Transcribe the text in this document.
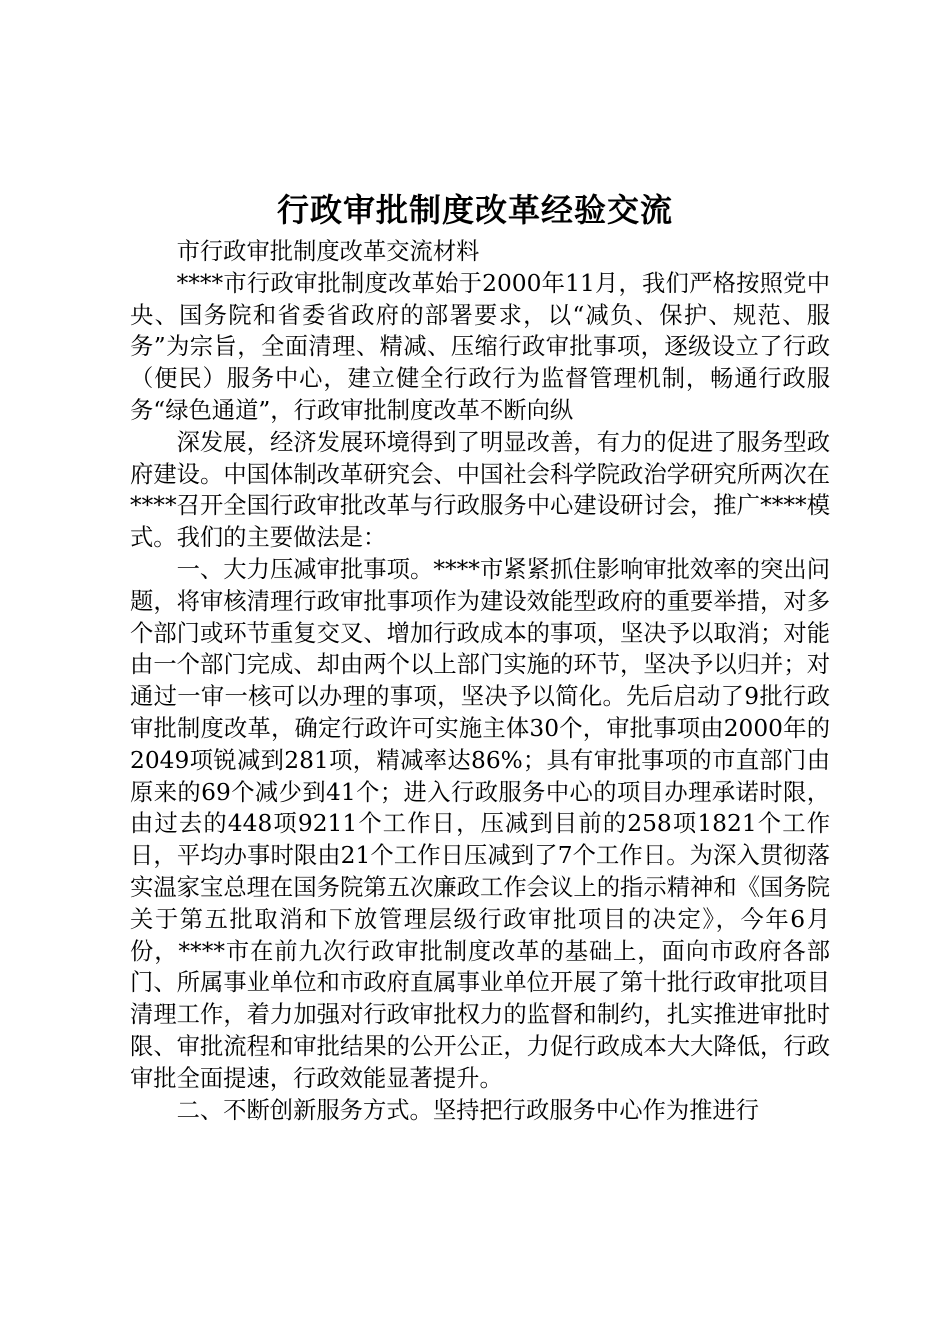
行政审批制度改革经验交流

市行政审批制度改革交流材料

****市行政审批制度改革始于2000年11月，我们严格按照党中央、国务院和省委省政府的部署要求，以“减负、保护、规范、服务”为宗旨，全面清理、精减、压缩行政审批事项，逐级设立了行政（便民）服务中心，建立健全行政行为监督管理机制，畅通行政服务“绿色通道”，行政审批制度改革不断向纵

深发展，经济发展环境得到了明显改善，有力的促进了服务型政府建设。中国体制改革研究会、中国社会科学院政治学研究所两次在****召开全国行政审批改革与行政服务中心建设研讨会，推广****模式。我们的主要做法是：

一、大力压减审批事项。****市紧紧抓住影响审批效率的突出问题，将审核清理行政审批事项作为建设效能型政府的重要举措，对多个部门或环节重复交叉、增加行政成本的事项，坚决予以取消；对能由一个部门完成、却由两个以上部门实施的环节，坚决予以归并；对通过一审一核可以办理的事项，坚决予以简化。先后启动了9批行政审批制度改革，确定行政许可实施主体30个，审批事项由2000年的2049项锐减到281项，精减率达86%；具有审批事项的市直部门由原来的69个减少到41个；进入行政服务中心的项目办理承诺时限，由过去的448项9211个工作日，压减到目前的258项1821个工作日，平均办事时限由21个工作日压减到了7个工作日。为深入贯彻落实温家宝总理在国务院第五次廉政工作会议上的指示精神和《国务院关于第五批取消和下放管理层级行政审批项目的决定》，今年6月份，****市在前九次行政审批制度改革的基础上，面向市政府各部门、所属事业单位和市政府直属事业单位开展了第十批行政审批项目清理工作，着力加强对行政审批权力的监督和制约，扎实推进审批时限、审批流程和审批结果的公开公正，力促行政成本大大降低，行政审批全面提速，行政效能显著提升。

二、不断创新服务方式。坚持把行政服务中心作为推进行
